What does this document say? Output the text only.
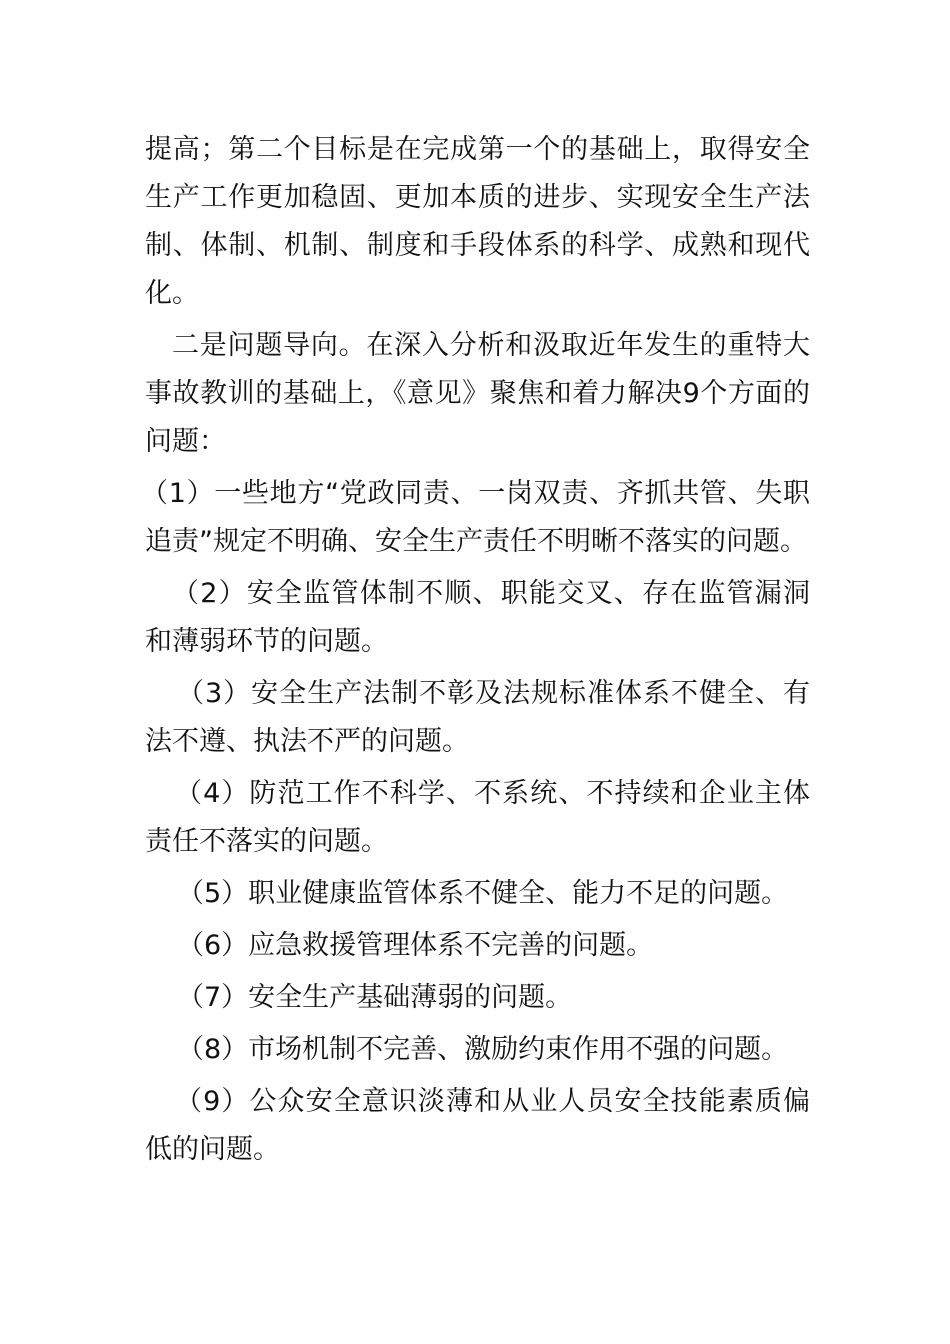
提高；第二个目标是在完成第一个的基础上，取得安全生产工作更加稳固、更加本质的进步、实现安全生产法制、体制、机制、制度和手段体系的科学、成熟和现代化。

二是问题导向。在深入分析和汲取近年发生的重特大事故教训的基础上，《意见》聚焦和着力解决9个方面的问题：

（1）一些地方“党政同责、一岗双责、齐抓共管、失职追责”规定不明确、安全生产责任不明晰不落实的问题。

（2）安全监管体制不顺、职能交叉、存在监管漏洞和薄弱环节的问题。

（3）安全生产法制不彰及法规标准体系不健全、有法不遵、执法不严的问题。

（4）防范工作不科学、不系统、不持续和企业主体责任不落实的问题。

（5）职业健康监管体系不健全、能力不足的问题。

（6）应急救援管理体系不完善的问题。

（7）安全生产基础薄弱的问题。

（8）市场机制不完善、激励约束作用不强的问题。

（9）公众安全意识淡薄和从业人员安全技能素质偏低的问题。
